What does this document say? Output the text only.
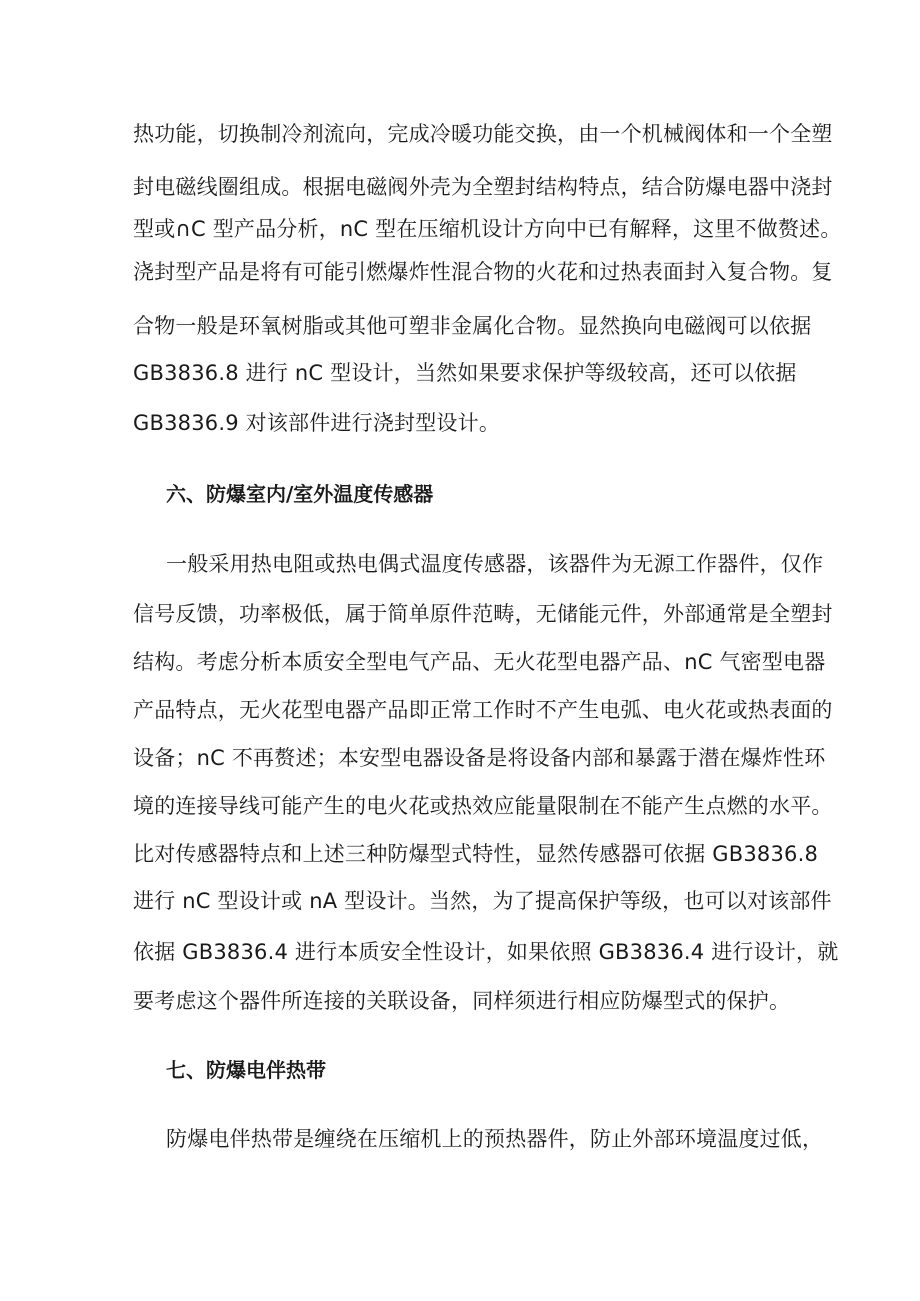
热功能，切换制冷剂流向，完成冷暖功能交换，由一个机械阀体和一个全塑
封电磁线圈组成。根据电磁阀外壳为全塑封结构特点，结合防爆电器中浇封
型或∩C 型产品分析，nC 型在压缩机设计方向中已有解释，这里不做赘述。
浇封型产品是将有可能引燃爆炸性混合物的火花和过热表面封入复合物。复
合物一般是环氧树脂或其他可塑非金属化合物。显然换向电磁阀可以依据
GB3836.8 进行 nC 型设计，当然如果要求保护等级较高，还可以依据
GB3836.9 对该部件进行浇封型设计。
六、防爆室内/室外温度传感器
一般采用热电阻或热电偶式温度传感器，该器件为无源工作器件，仅作
信号反馈，功率极低，属于简单原件范畴，无储能元件，外部通常是全塑封
结构。考虑分析本质安全型电气产品、无火花型电器产品、nC 气密型电器
产品特点，无火花型电器产品即正常工作时不产生电弧、电火花或热表面的
设备；nC 不再赘述；本安型电器设备是将设备内部和暴露于潜在爆炸性环
境的连接导线可能产生的电火花或热效应能量限制在不能产生点燃的水平。
比对传感器特点和上述三种防爆型式特性，显然传感器可依据 GB3836.8
进行 nC 型设计或 nA 型设计。当然，为了提高保护等级，也可以对该部件
依据 GB3836.4 进行本质安全性设计，如果依照 GB3836.4 进行设计，就
要考虑这个器件所连接的关联设备，同样须进行相应防爆型式的保护。
七、防爆电伴热带
防爆电伴热带是缠绕在压缩机上的预热器件，防止外部环境温度过低，
